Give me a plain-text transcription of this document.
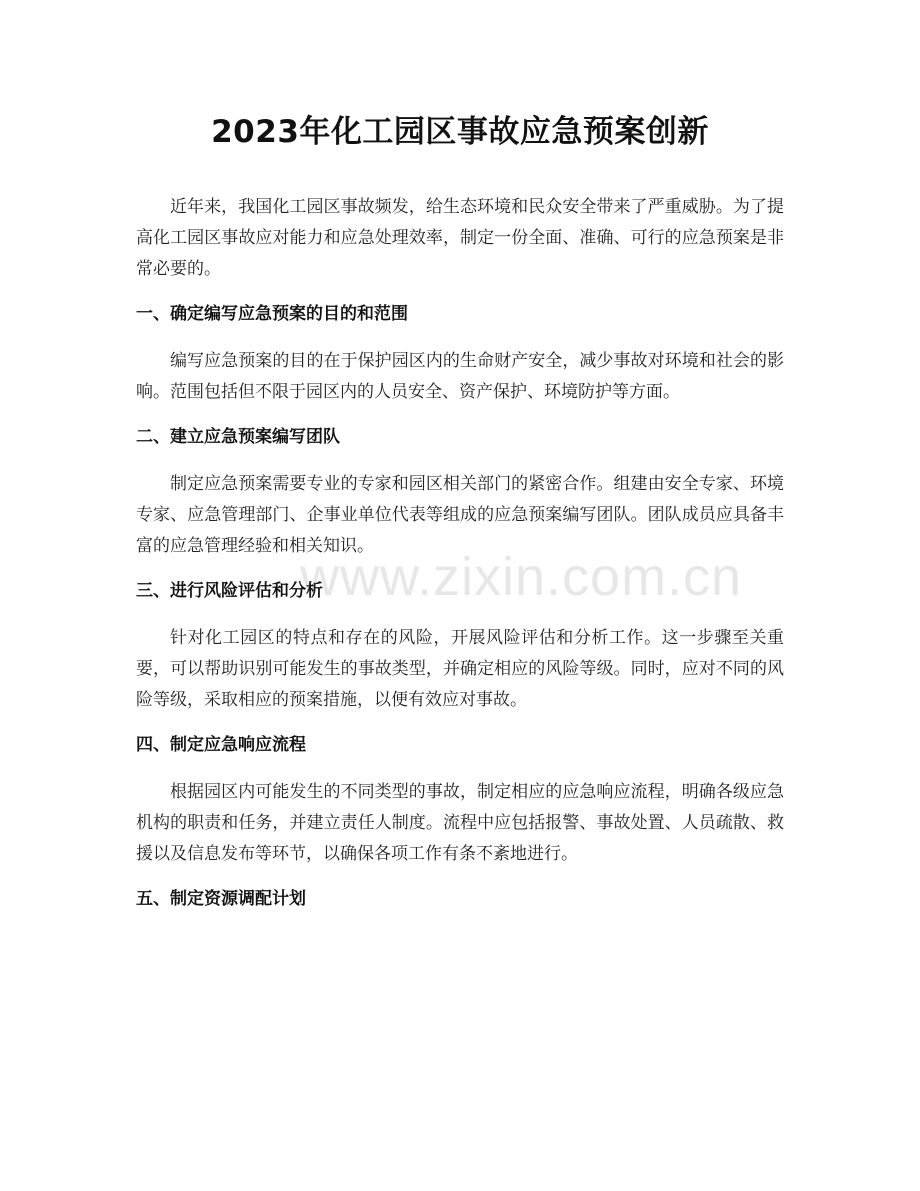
2023年化工园区事故应急预案创新

近年来，我国化工园区事故频发，给生态环境和民众安全带来了严重威胁。为了提高化工园区事故应对能力和应急处理效率，制定一份全面、准确、可行的应急预案是非常必要的。

一、确定编写应急预案的目的和范围

编写应急预案的目的在于保护园区内的生命财产安全，减少事故对环境和社会的影响。范围包括但不限于园区内的人员安全、资产保护、环境防护等方面。

二、建立应急预案编写团队

制定应急预案需要专业的专家和园区相关部门的紧密合作。组建由安全专家、环境专家、应急管理部门、企事业单位代表等组成的应急预案编写团队。团队成员应具备丰富的应急管理经验和相关知识。

三、进行风险评估和分析

针对化工园区的特点和存在的风险，开展风险评估和分析工作。这一步骤至关重要，可以帮助识别可能发生的事故类型，并确定相应的风险等级。同时，应对不同的风险等级，采取相应的预案措施，以便有效应对事故。

四、制定应急响应流程

根据园区内可能发生的不同类型的事故，制定相应的应急响应流程，明确各级应急机构的职责和任务，并建立责任人制度。流程中应包括报警、事故处置、人员疏散、救援以及信息发布等环节，以确保各项工作有条不紊地进行。

五、制定资源调配计划
www.zixin.com.cn
